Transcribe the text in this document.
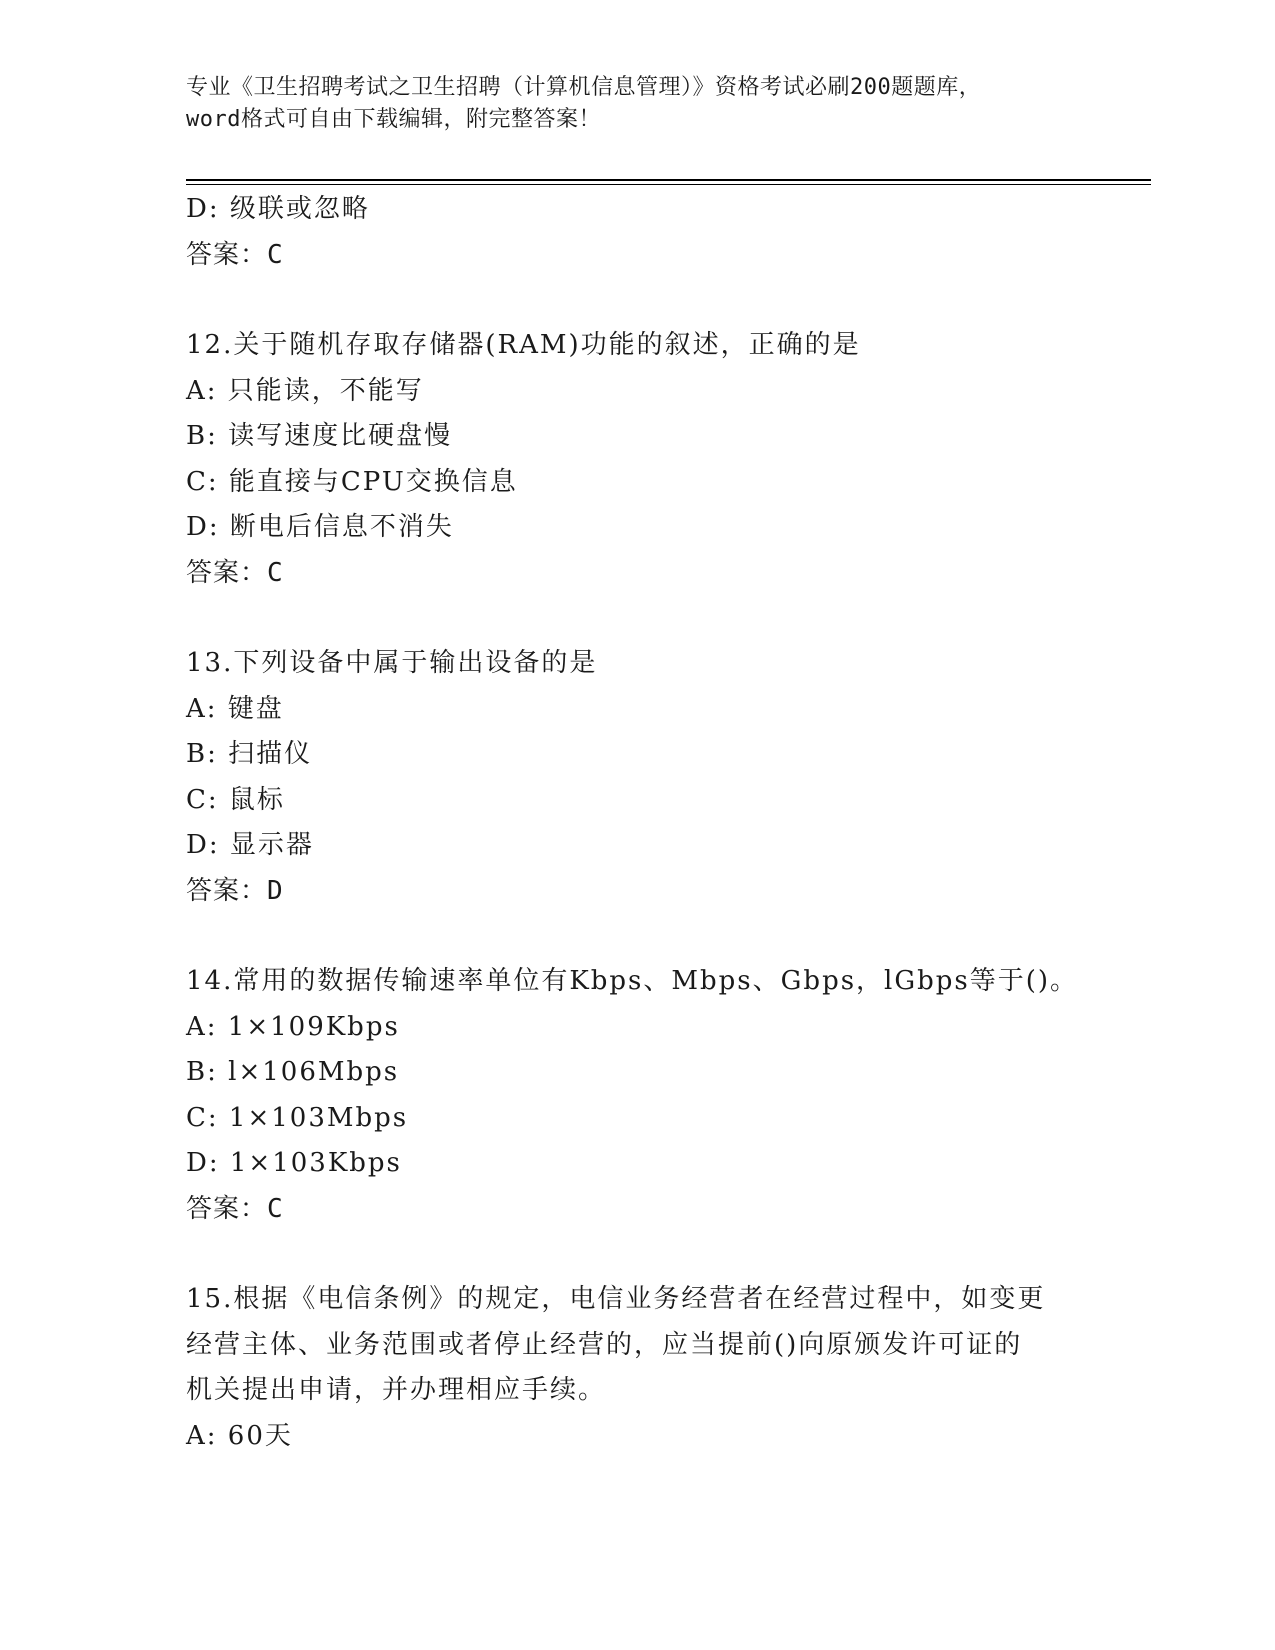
专业《卫生招聘考试之卫生招聘（计算机信息管理）》资格考试必刷200题题库，
word格式可自由下载编辑，附完整答案！
D: 级联或忽略
答案：C
12.关于随机存取存储器(RAM)功能的叙述，正确的是
A: 只能读，不能写
B: 读写速度比硬盘慢
C: 能直接与CPU交换信息
D: 断电后信息不消失
答案：C
13.下列设备中属于输出设备的是
A: 键盘
B: 扫描仪
C: 鼠标
D: 显示器
答案：D
14.常用的数据传输速率单位有Kbps、Mbps、Gbps，lGbps等于()。
A: 1×109Kbps
B: l×106Mbps
C: 1×103Mbps
D: 1×103Kbps
答案：C
15.根据《电信条例》的规定，电信业务经营者在经营过程中，如变更
经营主体、业务范围或者停止经营的，应当提前()向原颁发许可证的
机关提出申请，并办理相应手续。
A: 60天
